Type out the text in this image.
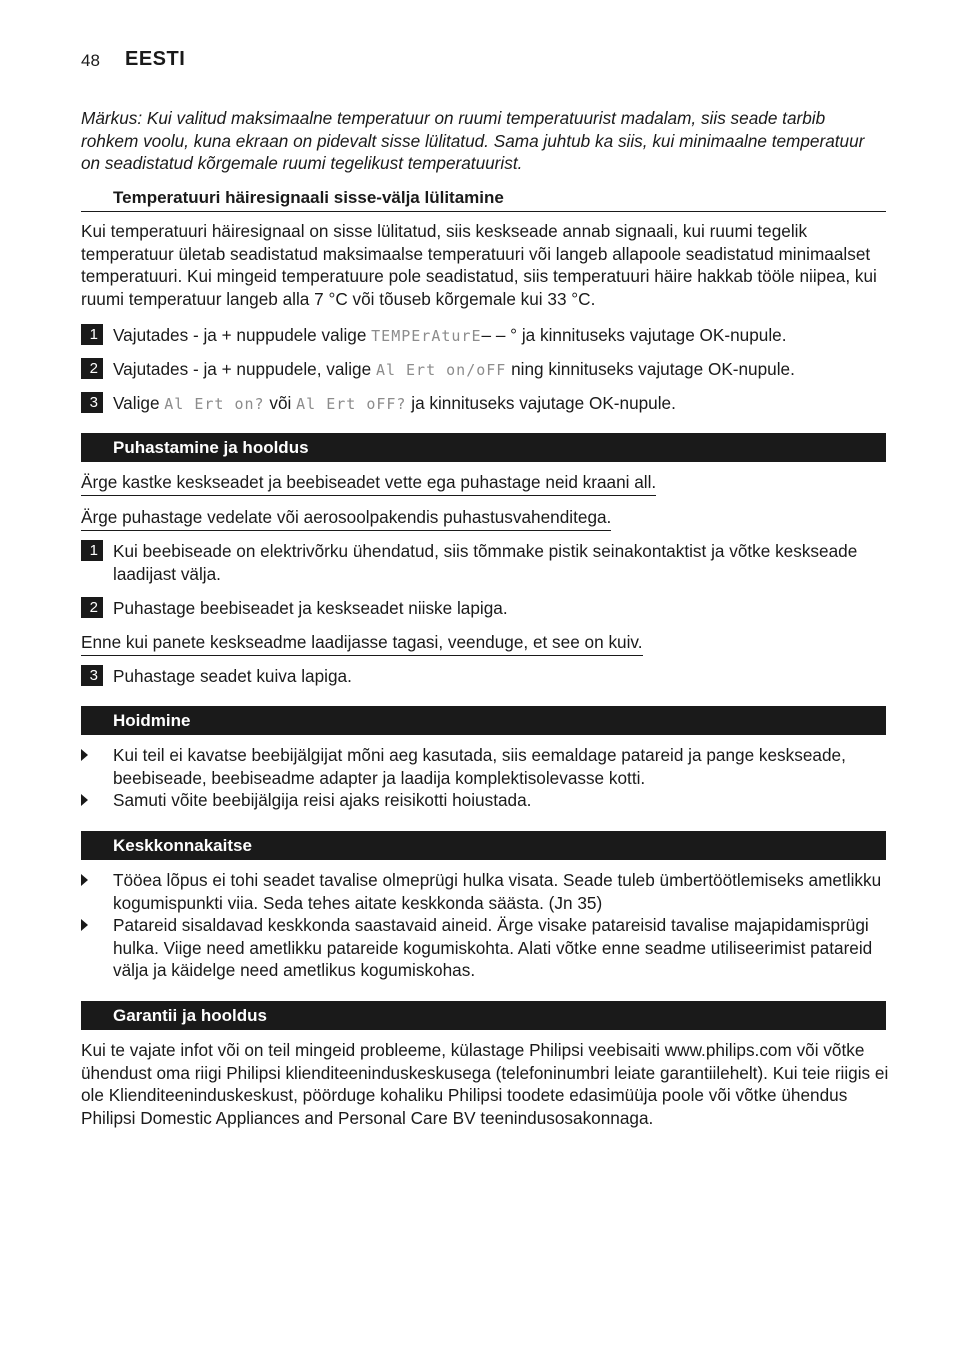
48 EESTI
Märkus: Kui valitud maksimaalne temperatuur on ruumi temperatuurist madalam, siis seade tarbib rohkem voolu, kuna ekraan on pidevalt sisse lülitatud. Sama juhtub ka siis, kui minimaalne temperatuur on seadistatud kõrgemale ruumi tegelikust temperatuurist.
Temperatuuri häiresignaali sisse-välja lülitamine
Kui temperatuuri häiresignaal on sisse lülitatud, siis keskseade annab signaali, kui ruumi tegelik temperatuur ületab seadistatud maksimaalse temperatuuri või langeb allapoole seadistatud minimaalset temperatuuri. Kui mingeid temperatuure pole seadistatud, siis temperatuuri häire hakkab tööle niipea, kui ruumi temperatuur langeb alla 7 °C või tõuseb kõrgemale kui 33 °C.
1 Vajutades - ja + nuppudele valige TEMPErAturE– – ° ja kinnituseks vajutage OK-nupule.
2 Vajutades - ja + nuppudele, valige Al Ert on/oFF ning kinnituseks vajutage OK-nupule.
3 Valige Al Ert on? või Al Ert oFF? ja kinnituseks vajutage OK-nupule.
Puhastamine ja hooldus
Ärge kastke keskseadet ja beebiseadet vette ega puhastage neid kraani all.
Ärge puhastage vedelate või aerosoolpakendis puhastusvahenditega.
1 Kui beebiseade on elektrivõrku ühendatud, siis tõmmake pistik seinakontaktist ja võtke keskseade laadijast välja.
2 Puhastage beebiseadet ja keskseadet niiske lapiga.
Enne kui panete keskseadme laadijasse tagasi, veenduge, et see on kuiv.
3 Puhastage seadet kuiva lapiga.
Hoidmine
Kui teil ei kavatse beebijälgijat mõni aeg kasutada, siis eemaldage patareid ja pange keskseade, beebiseade, beebiseadme adapter ja laadija komplektisolevasse kotti.
Samuti võite beebijälgija reisi ajaks reisikotti hoiustada.
Keskkonnakaitse
Tööea lõpus ei tohi seadet tavalise olmeprügi hulka visata. Seade tuleb ümbertöötlemiseks ametlikku kogumispunkti viia. Seda tehes aitate keskkonda säästa. (Jn 35)
Patareid sisaldavad keskkonda saastavaid aineid. Ärge visake patareisid tavalise majapidamisprügi hulka. Viige need ametlikku patareide kogumiskohta. Alati võtke enne seadme utiliseerimist patareid välja ja käidelge need ametlikus kogumiskohas.
Garantii ja hooldus
Kui te vajate infot või on teil mingeid probleeme, külastage Philipsi veebisaiti www.philips.com või võtke ühendust oma riigi Philipsi klienditeeninduskeskusega (telefoninumbri leiate garantiilehelt). Kui teie riigis ei ole Klienditeeninduskeskust, pöörduge kohaliku Philipsi toodete edasimüüja poole või võtke ühendus Philipsi Domestic Appliances and Personal Care BV teenindusosakonnaga.
